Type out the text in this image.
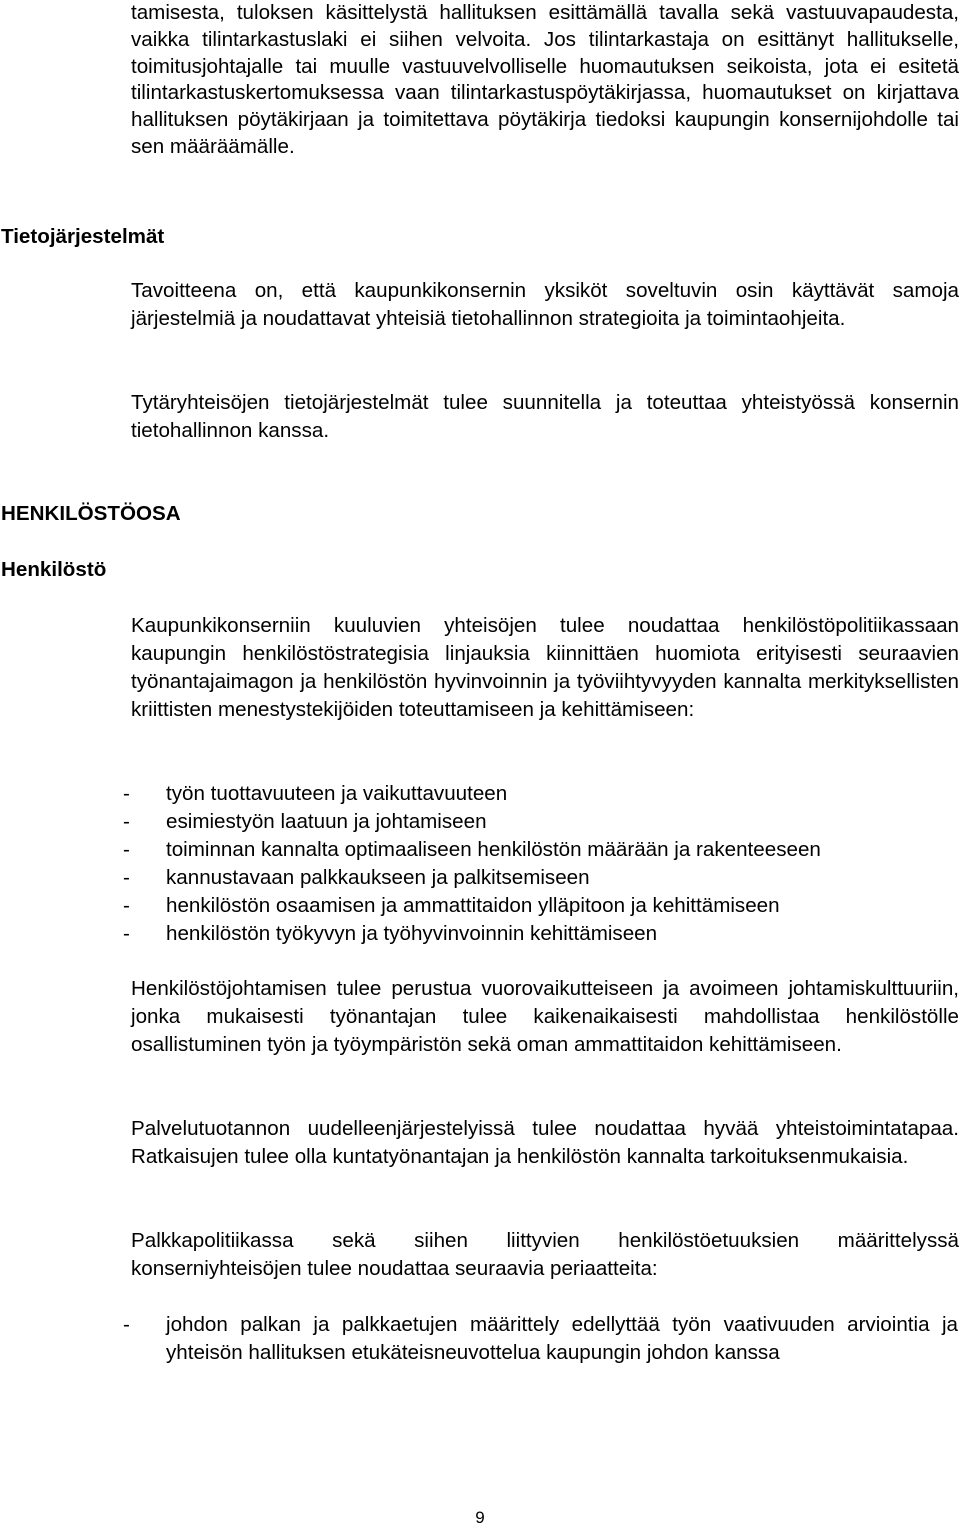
tamisesta, tuloksen käsittelystä hallituksen esittämällä tavalla sekä vastuuvapaudesta, vaikka tilintarkastuslaki ei siihen velvoita. Jos tilintarkastaja on esittänyt hallitukselle, toimitusjohtajalle tai muulle vastuuvelvolliselle huomautuksen seikoista, jota ei esitetä tilintarkastuskertomuksessa vaan tilintarkastuspöytäkirjassa, huomautukset on kirjattava hallituksen pöytäkirjaan ja toimitettava pöytäkirja tiedoksi kaupungin konsernijohdolle tai sen määräämälle.

Tietojärjestelmät

Tavoitteena on, että kaupunkikonsernin yksiköt soveltuvin osin käyttävät samoja järjestelmiä ja noudattavat yhteisiä tietohallinnon strategioita ja toimintaohjeita.

Tytäryhteisöjen tietojärjestelmät tulee suunnitella ja toteuttaa yhteistyössä konsernin tietohallinnon kanssa.

HENKILÖSTÖOSA
Henkilöstö

Kaupunkikonserniin kuuluvien yhteisöjen tulee noudattaa henkilöstöpolitiikassaan kaupungin henkilöstöstrategisia linjauksia kiinnittäen huomiota erityisesti seuraavien työnantajaimagon ja henkilöstön hyvinvoinnin ja työviihtyvyyden kannalta merkityksellisten kriittisten menestystekijöiden toteuttamiseen ja kehittämiseen:

- työn tuottavuuteen ja vaikuttavuuteen
- esimiestyön laatuun ja johtamiseen
- toiminnan kannalta optimaaliseen henkilöstön määrään ja rakenteeseen
- kannustavaan palkkaukseen ja palkitsemiseen
- henkilöstön osaamisen ja ammattitaidon ylläpitoon ja kehittämiseen
- henkilöstön työkyvyn ja työhyvinvoinnin kehittämiseen

Henkilöstöjohtamisen tulee perustua vuorovaikutteiseen ja avoimeen johtamiskulttuuriin, jonka mukaisesti työnantajan tulee kaikenaikaisesti mahdollistaa henkilöstölle osallistuminen työn ja työympäristön sekä oman ammattitaidon kehittämiseen.

Palvelutuotannon uudelleenjärjestelyissä tulee noudattaa hyvää yhteistoimintatapaa. Ratkaisujen tulee olla kuntatyönantajan ja henkilöstön kannalta tarkoituksenmukaisia.

Palkkapolitiikassa sekä siihen liittyvien henkilöstöetuuksien määrittelyssä konserniyhteisöjen tulee noudattaa seuraavia periaatteita:

- johdon palkan ja palkkaetujen määrittely edellyttää työn vaativuuden arviointia ja yhteisön hallituksen etukäteisneuvottelua kaupungin johdon kanssa
9
